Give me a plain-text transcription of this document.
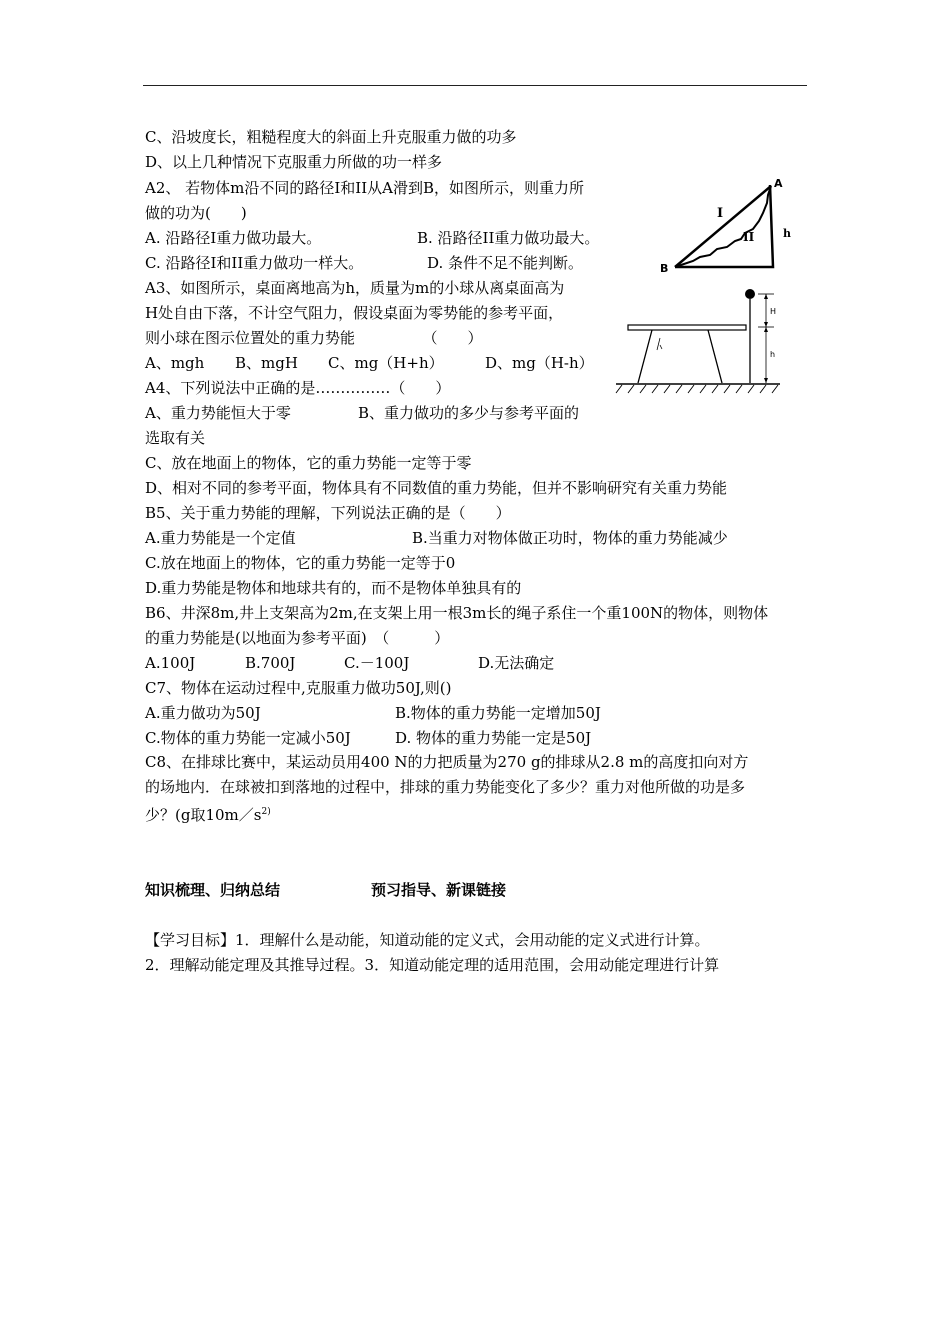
C、沿坡度长，粗糙程度大的斜面上升克服重力做的功多
D、以上几种情况下克服重力所做的功一样多
A2、 若物体m沿不同的路径I和II从A滑到B，如图所示，则重力所
做的功为(　　)
A. 沿路径I重力做功最大。	B. 沿路径II重力做功最大。
C. 沿路径I和II重力做功一样大。	D. 条件不足不能判断。
A3、如图所示，桌面离地高为h，质量为m的小球从离桌面高为
H处自由下落，不计空气阻力，假设桌面为零势能的参考平面，
则小球在图示位置处的重力势能　　　　　（　　）
A、mgh B、mgH C、mg（H+h）	D、mg（H-h）
A4、下列说法中正确的是……………（　　）
A、重力势能恒大于零	B、重力做功的多少与参考平面的
选取有关
C、放在地面上的物体，它的重力势能一定等于零
D、相对不同的参考平面，物体具有不同数值的重力势能，但并不影响研究有关重力势能
B5、关于重力势能的理解，下列说法正确的是（　　）
A.重力势能是一个定值	B.当重力对物体做正功时，物体的重力势能减少
C.放在地面上的物体，它的重力势能一定等于0
D.重力势能是物体和地球共有的，而不是物体单独具有的
B6、井深8m,井上支架高为2m,在支架上用一根3m长的绳子系住一个重100N的物体，则物体
的重力势能是(以地面为参考平面)　（　　　）
A.100J	B.700J	C.－100J	D.无法确定
C7、物体在运动过程中,克服重力做功50J,则()
A.重力做功为50J	B.物体的重力势能一定增加50J
C.物体的重力势能一定减小50J	D. 物体的重力势能一定是50J
C8、在排球比赛中，某运动员用400 N的力把质量为270 g的排球从2.8 m的高度扣向对方
的场地内．在球被扣到落地的过程中，排球的重力势能变化了多少？重力对他所做的功是多
少？(g取$10m/s^{2)}$
知识梳理、归纳总结	预习指导、新课链接
【学习目标】1．理解什么是动能，知道动能的定义式，会用动能的定义式进行计算。
2．理解动能定理及其推导过程。3．知道动能定理的适用范围，会用动能定理进行计算
A
B
I
II	h
H
h
